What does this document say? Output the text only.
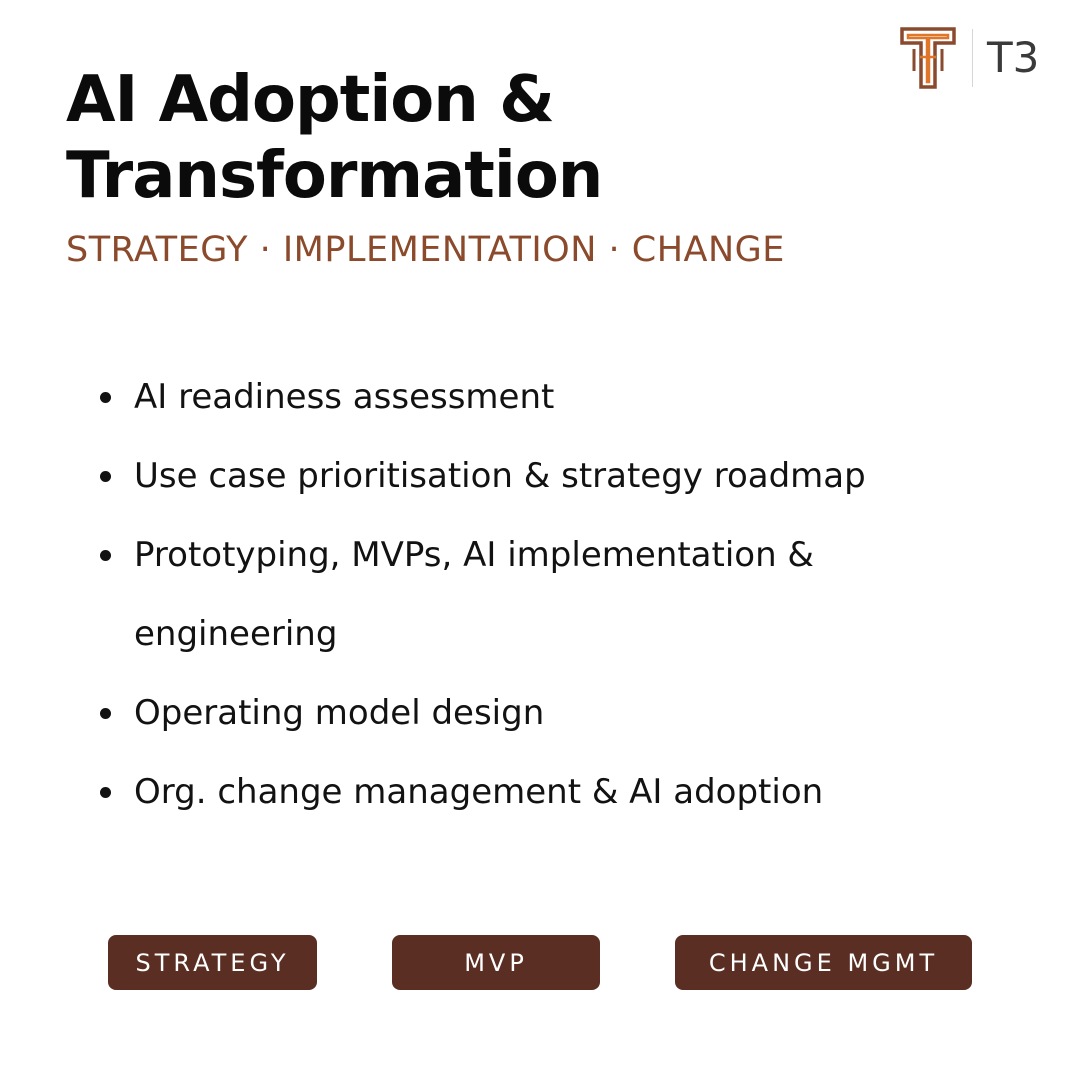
T3
AI Adoption &
Transformation

STRATEGY · IMPLEMENTATION · CHANGE

AI readiness assessment
Use case prioritisation & strategy roadmap
Prototyping, MVPs, AI implementation & engineering
Operating model design
Org. change management & AI adoption
STRATEGY	MVP	CHANGE MGMT
